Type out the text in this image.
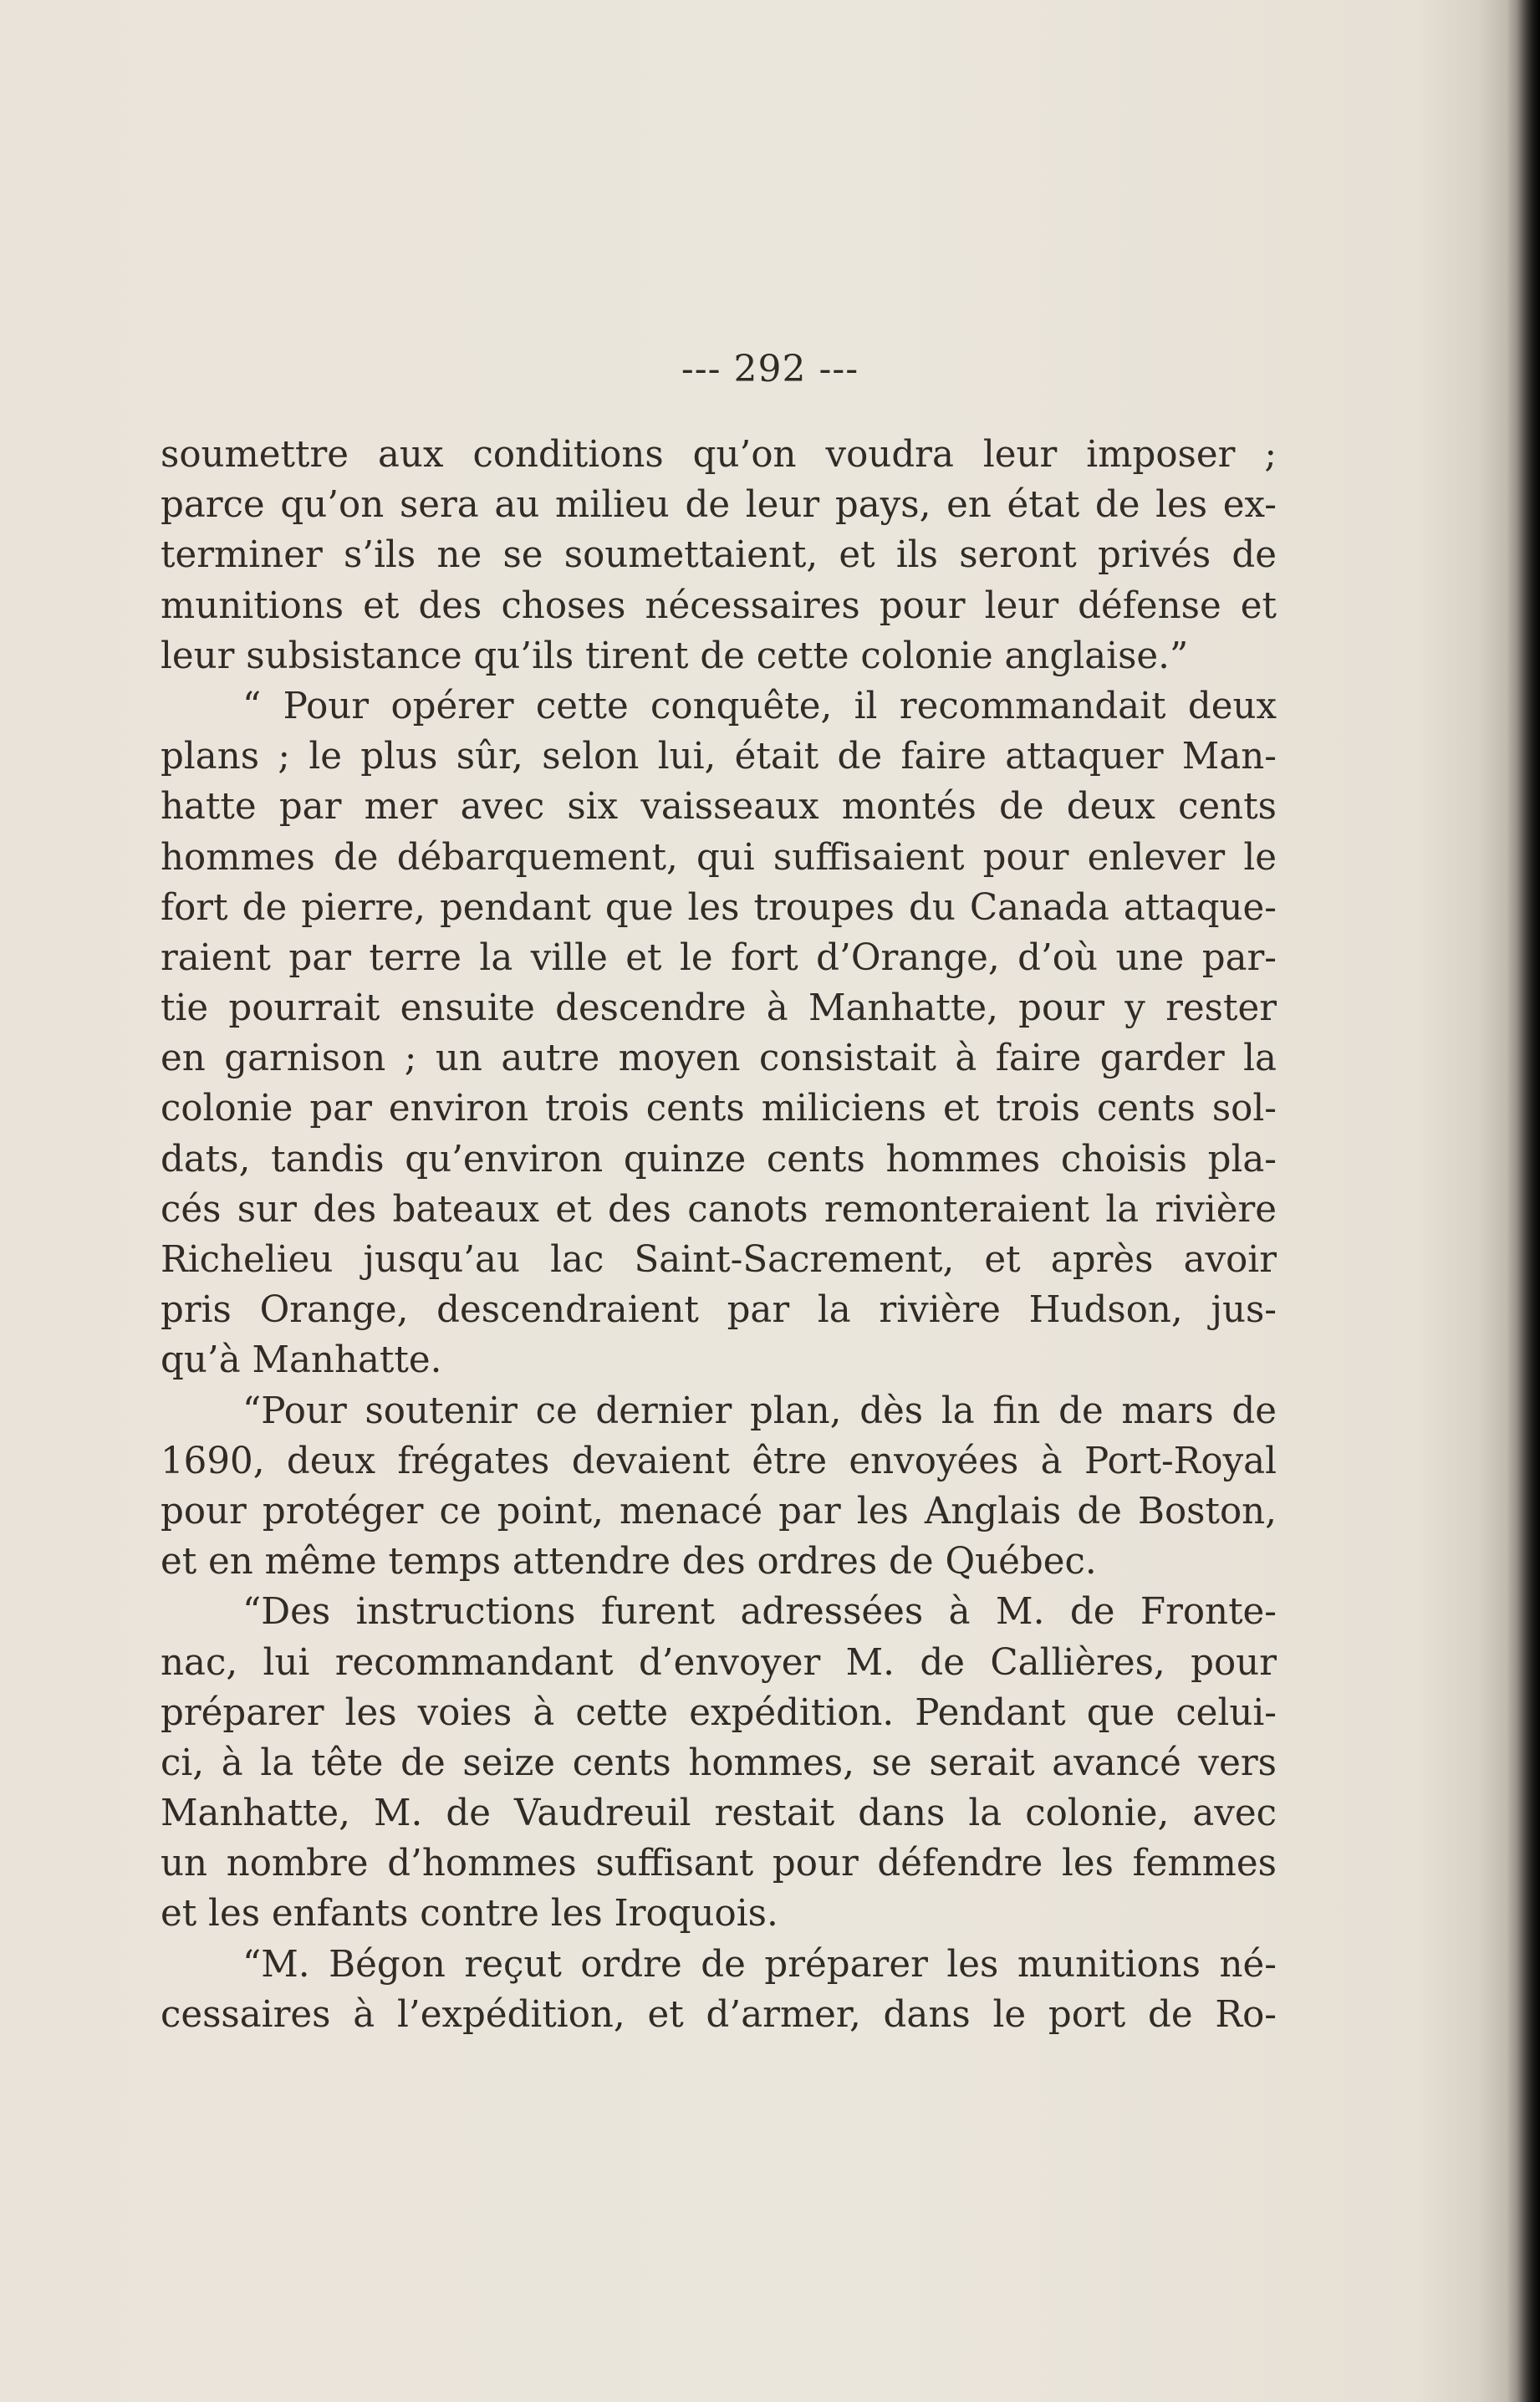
--- 292 ---
soumettre aux conditions qu’on voudra leur imposer ;
parce qu’on sera au milieu de leur pays, en état de les ex-
terminer s’ils ne se soumettaient, et ils seront privés de
munitions et des choses nécessaires pour leur défense et
leur subsistance qu’ils tirent de cette colonie anglaise.”
“ Pour opérer cette conquête, il recommandait deux
plans ; le plus sûr, selon lui, était de faire attaquer Man-
hatte par mer avec six vaisseaux montés de deux cents
hommes de débarquement, qui suffisaient pour enlever le
fort de pierre, pendant que les troupes du Canada attaque-
raient par terre la ville et le fort d’Orange, d’où une par-
tie pourrait ensuite descendre à Manhatte, pour y rester
en garnison ; un autre moyen consistait à faire garder la
colonie par environ trois cents miliciens et trois cents sol-
dats, tandis qu’environ quinze cents hommes choisis pla-
cés sur des bateaux et des canots remonteraient la rivière
Richelieu jusqu’au lac Saint-Sacrement, et après avoir
pris Orange, descendraient par la rivière Hudson, jus-
qu’à Manhatte.
“Pour soutenir ce dernier plan, dès la fin de mars de
1690, deux frégates devaient être envoyées à Port-Royal
pour protéger ce point, menacé par les Anglais de Boston,
et en même temps attendre des ordres de Québec.
“Des instructions furent adressées à M. de Fronte-
nac, lui recommandant d’envoyer M. de Callières, pour
préparer les voies à cette expédition. Pendant que celui-
ci, à la tête de seize cents hommes, se serait avancé vers
Manhatte, M. de Vaudreuil restait dans la colonie, avec
un nombre d’hommes suffisant pour défendre les femmes
et les enfants contre les Iroquois.
“M. Bégon reçut ordre de préparer les munitions né-
cessaires à l’expédition, et d’armer, dans le port de Ro-
